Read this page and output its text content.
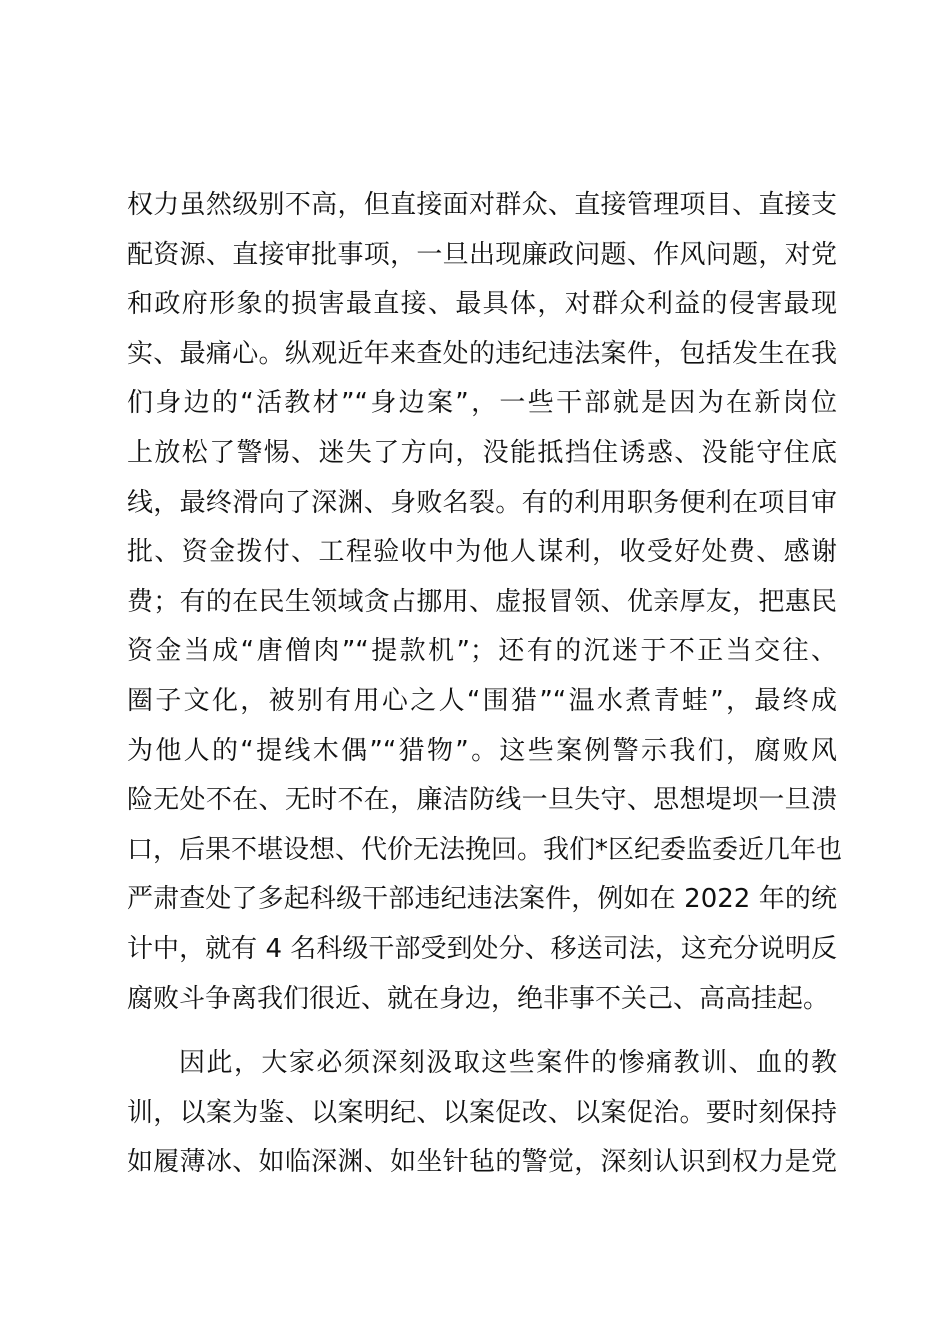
权力虽然级别不高，但直接面对群众、直接管理项目、直接支
配资源、直接审批事项，一旦出现廉政问题、作风问题，对党
和政府形象的损害最直接、最具体，对群众利益的侵害最现
实、最痛心。纵观近年来查处的违纪违法案件，包括发生在我
们身边的“活教材”“身边案”，一些干部就是因为在新岗位
上放松了警惕、迷失了方向，没能抵挡住诱惑、没能守住底
线，最终滑向了深渊、身败名裂。有的利用职务便利在项目审
批、资金拨付、工程验收中为他人谋利，收受好处费、感谢
费；有的在民生领域贪占挪用、虚报冒领、优亲厚友，把惠民
资金当成“唐僧肉”“提款机”；还有的沉迷于不正当交往、
圈子文化，被别有用心之人“围猎”“温水煮青蛙”，最终成
为他人的“提线木偶”“猎物”。这些案例警示我们，腐败风
险无处不在、无时不在，廉洁防线一旦失守、思想堤坝一旦溃
口，后果不堪设想、代价无法挽回。我们*区纪委监委近几年也
严肃查处了多起科级干部违纪违法案件，例如在 2022 年的统
计中，就有 4 名科级干部受到处分、移送司法，这充分说明反
腐败斗争离我们很近、就在身边，绝非事不关己、高高挂起。
因此，大家必须深刻汲取这些案件的惨痛教训、血的教
训，以案为鉴、以案明纪、以案促改、以案促治。要时刻保持
如履薄冰、如临深渊、如坐针毡的警觉，深刻认识到权力是党
